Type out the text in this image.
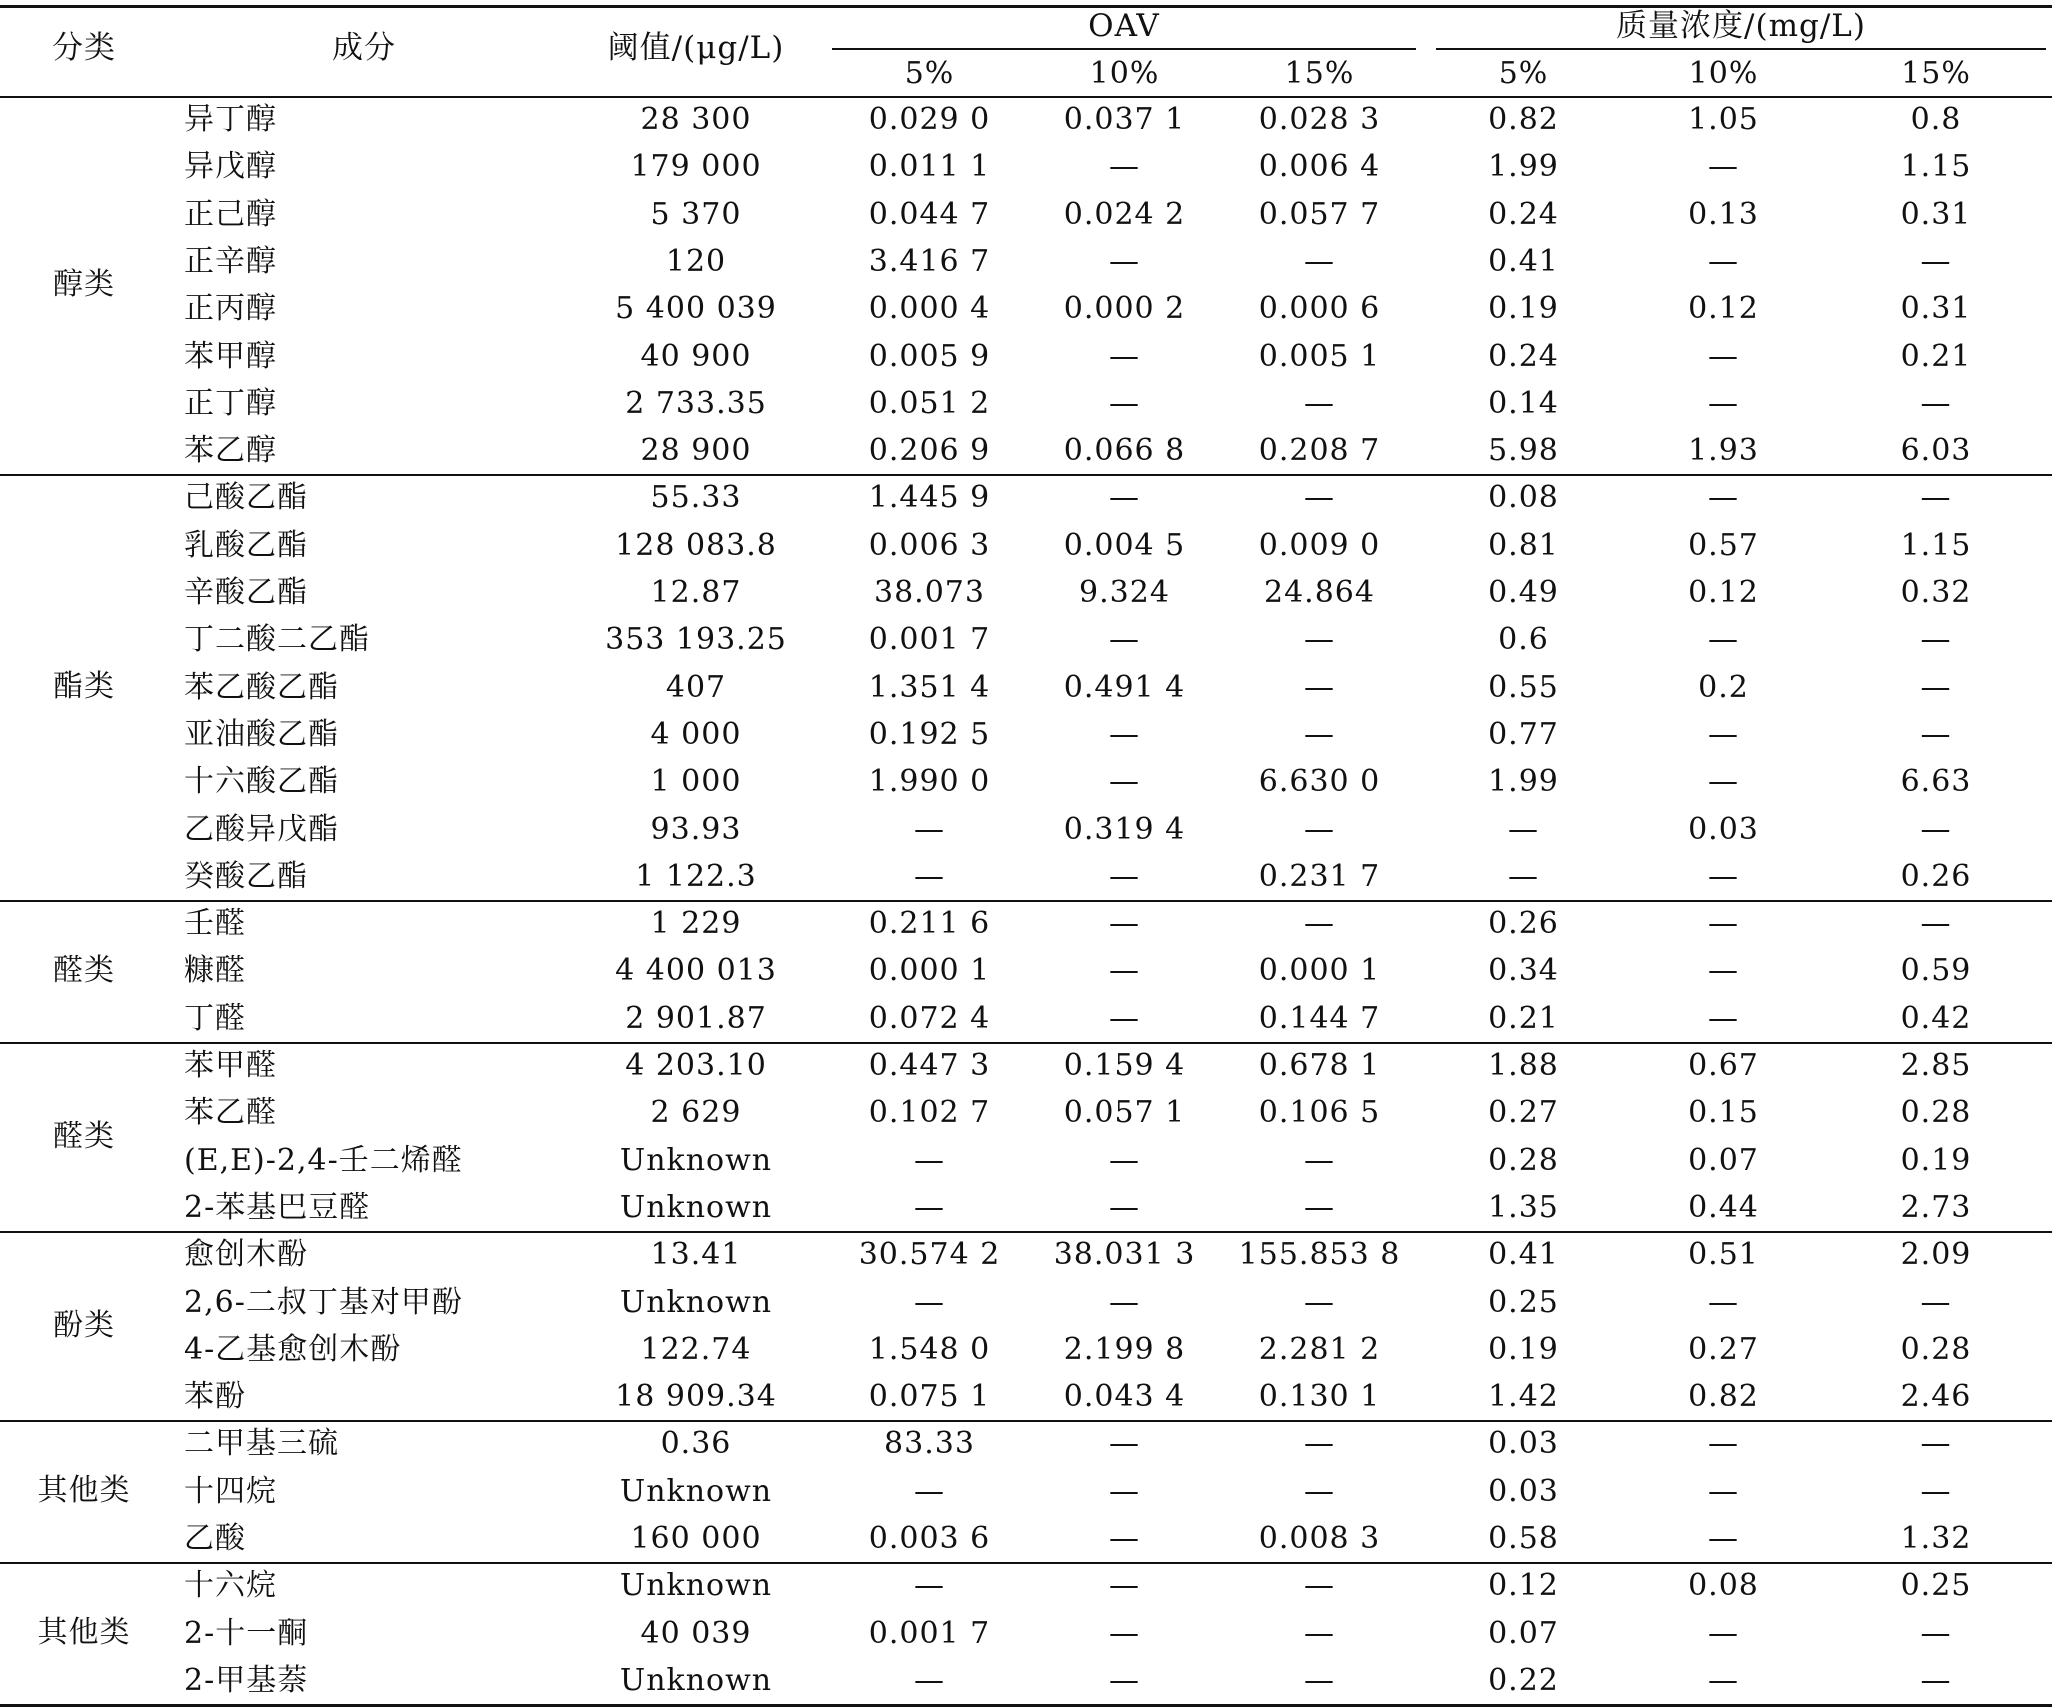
分类	成分	阈值/(μg/L)
OAV	质量浓度/(mg/L)
5%	10%	15%	5%	10%	15%
醇类
异丁醇	28 300	0.029 0	0.037 1	0.028 3	0.82	1.05	0.8
异戊醇	179 000	0.011 1	—	0.006 4	1.99	—	1.15
正己醇	5 370	0.044 7	0.024 2	0.057 7	0.24	0.13	0.31
正辛醇	120	3.416 7	—	—	0.41	—	—
正丙醇	5 400 039	0.000 4	0.000 2	0.000 6	0.19	0.12	0.31
苯甲醇	40 900	0.005 9	—	0.005 1	0.24	—	0.21
正丁醇	2 733.35	0.051 2	—	—	0.14	—	—
苯乙醇	28 900	0.206 9	0.066 8	0.208 7	5.98	1.93	6.03
酯类
己酸乙酯	55.33	1.445 9	—	—	0.08	—	—
乳酸乙酯	128 083.8	0.006 3	0.004 5	0.009 0	0.81	0.57	1.15
辛酸乙酯	12.87	38.073	9.324	24.864	0.49	0.12	0.32
丁二酸二乙酯	353 193.25	0.001 7	—	—	0.6	—	—
苯乙酸乙酯	407	1.351 4	0.491 4	—	0.55	0.2	—
亚油酸乙酯	4 000	0.192 5	—	—	0.77	—	—
十六酸乙酯	1 000	1.990 0	—	6.630 0	1.99	—	6.63
乙酸异戊酯	93.93	—	0.319 4	—	—	0.03	—
癸酸乙酯	1 122.3	—	—	0.231 7	—	—	0.26
醛类
壬醛	1 229	0.211 6	—	—	0.26	—	—
糠醛	4 400 013	0.000 1	—	0.000 1	0.34	—	0.59
丁醛	2 901.87	0.072 4	—	0.144 7	0.21	—	0.42
醛类
苯甲醛	4 203.10	0.447 3	0.159 4	0.678 1	1.88	0.67	2.85
苯乙醛	2 629	0.102 7	0.057 1	0.106 5	0.27	0.15	0.28
(E,E)-2,4-壬二烯醛	Unknown	—	—	—	0.28	0.07	0.19
2-苯基巴豆醛	Unknown	—	—	—	1.35	0.44	2.73
酚类
愈创木酚	13.41	30.574 2	38.031 3	155.853 8	0.41	0.51	2.09
2,6-二叔丁基对甲酚	Unknown	—	—	—	0.25	—	—
4-乙基愈创木酚	122.74	1.548 0	2.199 8	2.281 2	0.19	0.27	0.28
苯酚	18 909.34	0.075 1	0.043 4	0.130 1	1.42	0.82	2.46
其他类
二甲基三硫	0.36	83.33	—	—	0.03	—	—
十四烷	Unknown	—	—	—	0.03	—	—
乙酸	160 000	0.003 6	—	0.008 3	0.58	—	1.32
其他类
十六烷	Unknown	—	—	—	0.12	0.08	0.25
2-十一酮	40 039	0.001 7	—	—	0.07	—	—
2-甲基萘	Unknown	—	—	—	0.22	—	—
